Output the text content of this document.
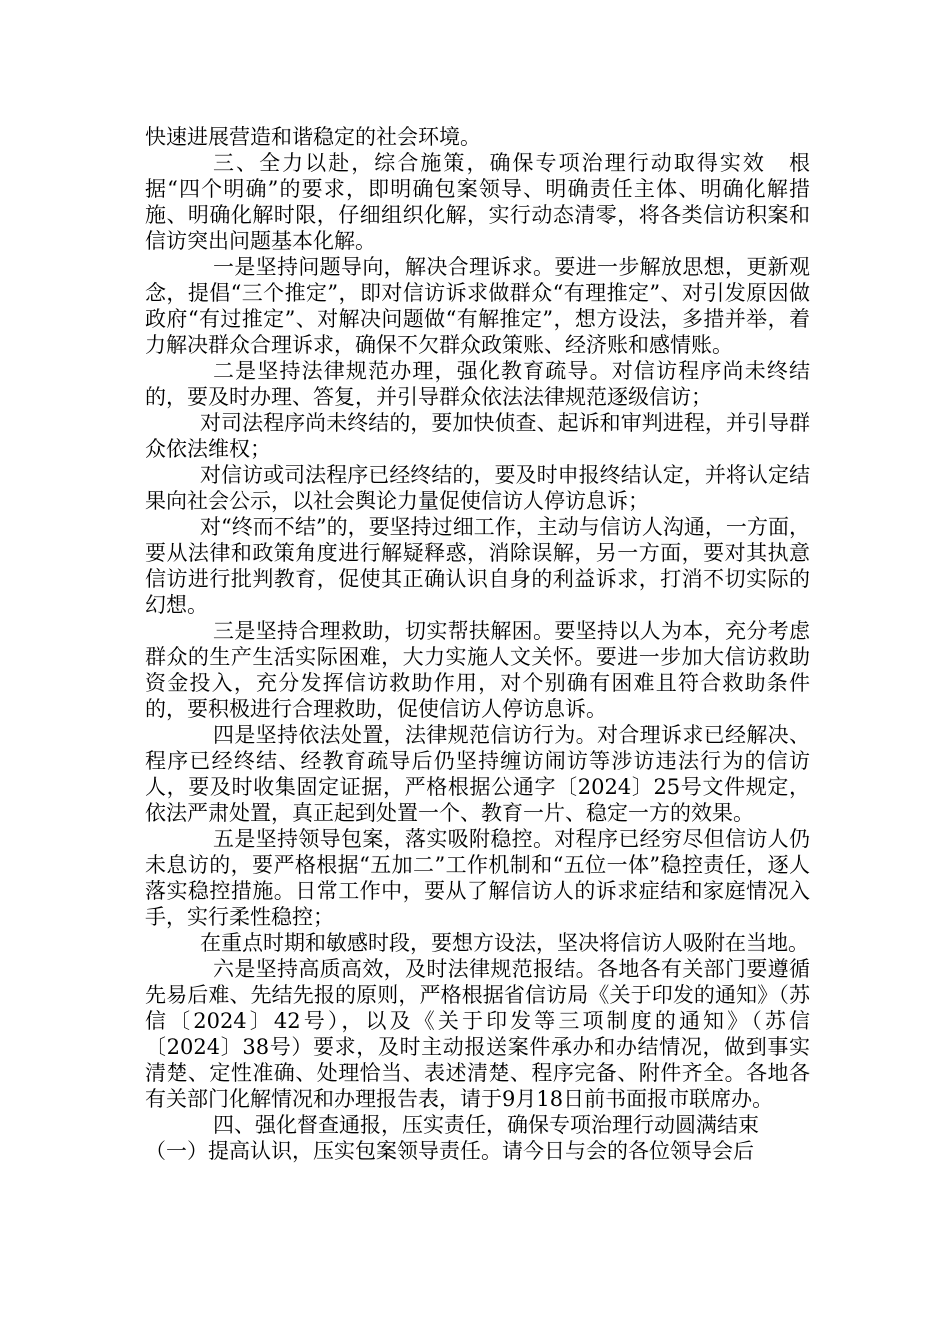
快速进展营造和谐稳定的社会环境。

三、全力以赴，综合施策，确保专项治理行动取得实效　根据“四个明确”的要求，即明确包案领导、明确责任主体、明确化解措施、明确化解时限，仔细组织化解，实行动态清零，将各类信访积案和信访突出问题基本化解。

一是坚持问题导向，解决合理诉求。要进一步解放思想，更新观念，提倡“三个推定”，即对信访诉求做群众“有理推定”、对引发原因做政府“有过推定”、对解决问题做“有解推定”，想方设法，多措并举，着力解决群众合理诉求，确保不欠群众政策账、经济账和感情账。

二是坚持法律规范办理，强化教育疏导。对信访程序尚未终结的，要及时办理、答复，并引导群众依法法律规范逐级信访；

对司法程序尚未终结的，要加快侦查、起诉和审判进程，并引导群众依法维权；

对信访或司法程序已经终结的，要及时申报终结认定，并将认定结果向社会公示，以社会舆论力量促使信访人停访息诉；

对“终而不结”的，要坚持过细工作，主动与信访人沟通，一方面，要从法律和政策角度进行解疑释惑，消除误解，另一方面，要对其执意信访进行批判教育，促使其正确认识自身的利益诉求，打消不切实际的幻想。

三是坚持合理救助，切实帮扶解困。要坚持以人为本，充分考虑群众的生产生活实际困难，大力实施人文关怀。要进一步加大信访救助资金投入，充分发挥信访救助作用，对个别确有困难且符合救助条件的，要积极进行合理救助，促使信访人停访息诉。

四是坚持依法处置，法律规范信访行为。对合理诉求已经解决、程序已经终结、经教育疏导后仍坚持缠访闹访等涉访违法行为的信访人，要及时收集固定证据，严格根据公通字〔2024〕25号文件规定，依法严肃处置，真正起到处置一个、教育一片、稳定一方的效果。

五是坚持领导包案，落实吸附稳控。对程序已经穷尽但信访人仍未息访的，要严格根据“五加二”工作机制和“五位一体”稳控责任，逐人落实稳控措施。日常工作中，要从了解信访人的诉求症结和家庭情况入手，实行柔性稳控；

在重点时期和敏感时段，要想方设法，坚决将信访人吸附在当地。

六是坚持高质高效，及时法律规范报结。各地各有关部门要遵循先易后难、先结先报的原则，严格根据省信访局《关于印发的通知》（苏信〔2024〕42号），以及《关于印发等三项制度的通知》（苏信〔2024〕38号）要求，及时主动报送案件承办和办结情况，做到事实清楚、定性准确、处理恰当、表述清楚、程序完备、附件齐全。各地各有关部门化解情况和办理报告表，请于9月18日前书面报市联席办。

四、强化督查通报，压实责任，确保专项治理行动圆满结束

（一）提高认识，压实包案领导责任。请今日与会的各位领导会后
